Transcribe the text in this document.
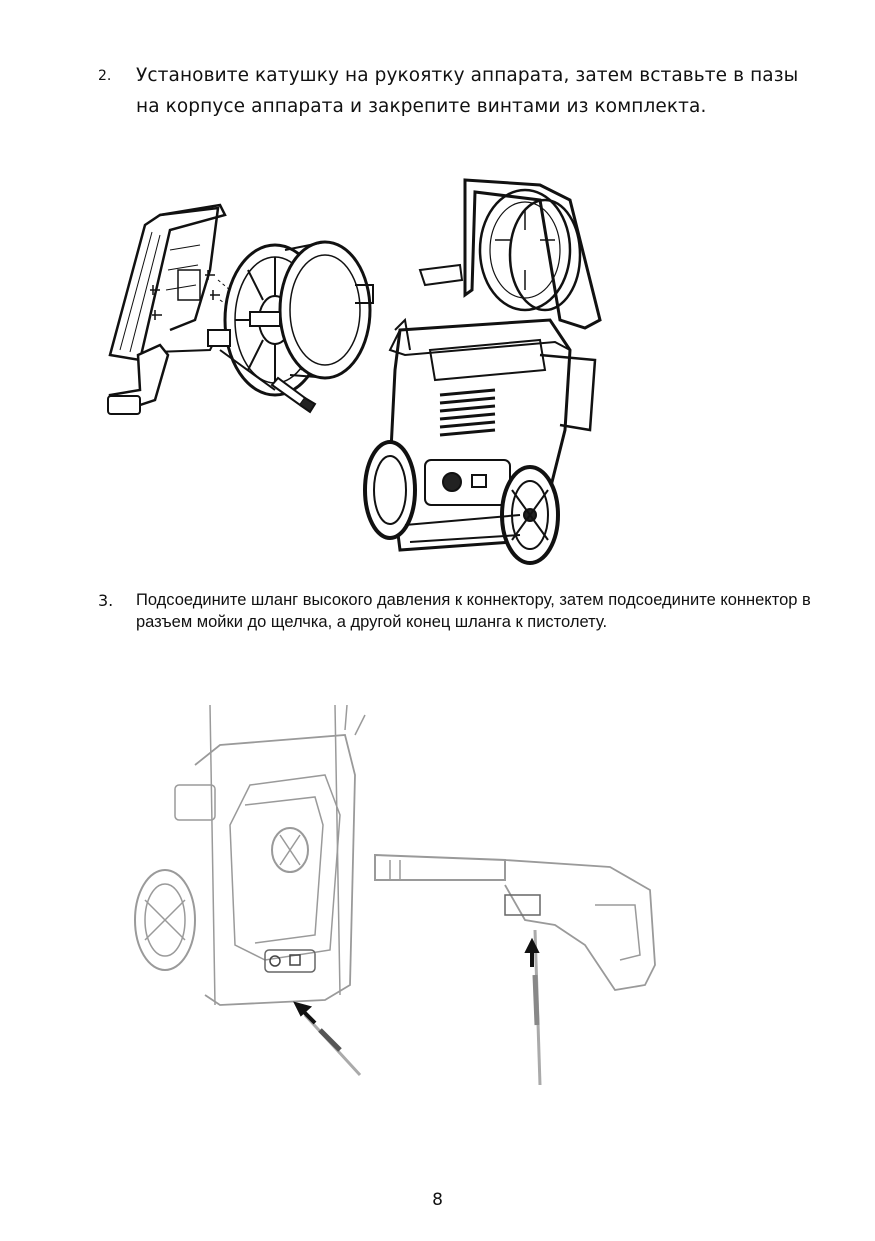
2. Установите катушку на рукоятку аппарата, затем вставьте в пазы на корпусе аппарата и закрепите винтами из комплекта.
3. Подсоедините шланг высокого давления к коннектору, затем подсоедините коннектор в разъем мойки до щелчка, а другой конец шланга к пистолету.
8
